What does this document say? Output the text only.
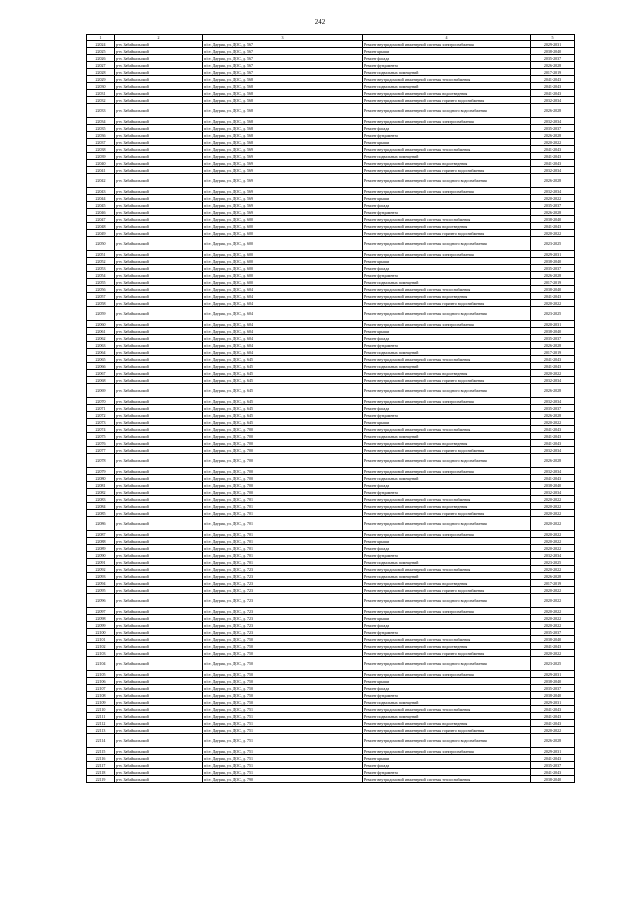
242
1	2	3	4	5
22024	р-н. Забайкальский	п/ст. Даурия, ул. ДОС, д. 567	Ремонт внутридомовой инженерной системы электроснабжения	2029-2031
22025	р-н. Забайкальский	п/ст. Даурия, ул. ДОС, д. 567	Ремонт крыши	2038-2040
22026	р-н. Забайкальский	п/ст. Даурия, ул. ДОС, д. 567	Ремонт фасада	2035-2037
22027	р-н. Забайкальский	п/ст. Даурия, ул. ДОС, д. 567	Ремонт фундамента	2026-2028
22028	р-н. Забайкальский	п/ст. Даурия, ул. ДОС, д. 567	Ремонт подвальных помещений	2017-2019
22029	р-н. Забайкальский	п/ст. Даурия, ул. ДОС, д. 568	Ремонт внутридомовой инженерной системы теплоснабжения	2041-2043
22030	р-н. Забайкальский	п/ст. Даурия, ул. ДОС, д. 568	Ремонт подвальных помещений	2041-2043
22031	р-н. Забайкальский	п/ст. Даурия, ул. ДОС, д. 568	Ремонт внутридомовой инженерной системы водоотведения	2041-2043
22032	р-н. Забайкальский	п/ст. Даурия, ул. ДОС, д. 568	Ремонт внутридомовой инженерной системы горячего водоснабжения	2032-2034
22033	р-н. Забайкальский	п/ст. Даурия, ул. ДОС, д. 568	Ремонт внутридомовой инженерной системы холодного водоснабжения	2026-2028
22034	р-н. Забайкальский	п/ст. Даурия, ул. ДОС, д. 568	Ремонт внутридомовой инженерной системы электроснабжения	2032-2034
22035	р-н. Забайкальский	п/ст. Даурия, ул. ДОС, д. 568	Ремонт фасада	2035-2037
22036	р-н. Забайкальский	п/ст. Даурия, ул. ДОС, д. 568	Ремонт фундамента	2026-2028
22037	р-н. Забайкальский	п/ст. Даурия, ул. ДОС, д. 568	Ремонт крыши	2020-2022
22038	р-н. Забайкальский	п/ст. Даурия, ул. ДОС, д. 569	Ремонт внутридомовой инженерной системы теплоснабжения	2041-2043
22039	р-н. Забайкальский	п/ст. Даурия, ул. ДОС, д. 569	Ремонт подвальных помещений	2041-2043
22040	р-н. Забайкальский	п/ст. Даурия, ул. ДОС, д. 569	Ремонт внутридомовой инженерной системы водоотведения	2041-2043
22041	р-н. Забайкальский	п/ст. Даурия, ул. ДОС, д. 569	Ремонт внутридомовой инженерной системы горячего водоснабжения	2032-2034
22042	р-н. Забайкальский	п/ст. Даурия, ул. ДОС, д. 569	Ремонт внутридомовой инженерной системы холодного водоснабжения	2026-2028
22043	р-н. Забайкальский	п/ст. Даурия, ул. ДОС, д. 569	Ремонт внутридомовой инженерной системы электроснабжения	2032-2034
22044	р-н. Забайкальский	п/ст. Даурия, ул. ДОС, д. 569	Ремонт крыши	2020-2022
22045	р-н. Забайкальский	п/ст. Даурия, ул. ДОС, д. 569	Ремонт фасада	2035-2037
22046	р-н. Забайкальский	п/ст. Даурия, ул. ДОС, д. 569	Ремонт фундамента	2026-2028
22047	р-н. Забайкальский	п/ст. Даурия, ул. ДОС, д. 600	Ремонт внутридомовой инженерной системы теплоснабжения	2038-2040
22048	р-н. Забайкальский	п/ст. Даурия, ул. ДОС, д. 600	Ремонт внутридомовой инженерной системы водоотведения	2041-2043
22049	р-н. Забайкальский	п/ст. Даурия, ул. ДОС, д. 600	Ремонт внутридомовой инженерной системы горячего водоснабжения	2020-2022
22050	р-н. Забайкальский	п/ст. Даурия, ул. ДОС, д. 600	Ремонт внутридомовой инженерной системы холодного водоснабжения	2023-2025
22051	р-н. Забайкальский	п/ст. Даурия, ул. ДОС, д. 600	Ремонт внутридомовой инженерной системы электроснабжения	2029-2031
22052	р-н. Забайкальский	п/ст. Даурия, ул. ДОС, д. 600	Ремонт крыши	2038-2040
22053	р-н. Забайкальский	п/ст. Даурия, ул. ДОС, д. 600	Ремонт фасада	2035-2037
22054	р-н. Забайкальский	п/ст. Даурия, ул. ДОС, д. 600	Ремонт фундамента	2026-2028
22055	р-н. Забайкальский	п/ст. Даурия, ул. ДОС, д. 600	Ремонт подвальных помещений	2017-2019
22056	р-н. Забайкальский	п/ст. Даурия, ул. ДОС, д. 604	Ремонт внутридомовой инженерной системы теплоснабжения	2038-2040
22057	р-н. Забайкальский	п/ст. Даурия, ул. ДОС, д. 604	Ремонт внутридомовой инженерной системы водоотведения	2041-2043
22058	р-н. Забайкальский	п/ст. Даурия, ул. ДОС, д. 604	Ремонт внутридомовой инженерной системы горячего водоснабжения	2020-2022
22059	р-н. Забайкальский	п/ст. Даурия, ул. ДОС, д. 604	Ремонт внутридомовой инженерной системы холодного водоснабжения	2023-2025
22060	р-н. Забайкальский	п/ст. Даурия, ул. ДОС, д. 604	Ремонт внутридомовой инженерной системы электроснабжения	2020-2031
22061	р-н. Забайкальский	п/ст. Даурия, ул. ДОС, д. 604	Ремонт крыши	2038-2040
22062	р-н. Забайкальский	п/ст. Даурия, ул. ДОС, д. 604	Ремонт фасада	2035-2037
22063	р-н. Забайкальский	п/ст. Даурия, ул. ДОС, д. 604	Ремонт фундамента	2026-2028
22064	р-н. Забайкальский	п/ст. Даурия, ул. ДОС, д. 604	Ремонт подвальных помещений	2017-2019
22065	р-н. Забайкальский	п/ст. Даурия, ул. ДОС, д. 645	Ремонт внутридомовой инженерной системы теплоснабжения	2041-2043
22066	р-н. Забайкальский	п/ст. Даурия, ул. ДОС, д. 645	Ремонт подвальных помещений	2041-2043
22067	р-н. Забайкальский	п/ст. Даурия, ул. ДОС, д. 645	Ремонт внутридомовой инженерной системы водоотведения	2020-2022
22068	р-н. Забайкальский	п/ст. Даурия, ул. ДОС, д. 645	Ремонт внутридомовой инженерной системы горячего водоснабжения	2032-2034
22069	р-н. Забайкальский	п/ст. Даурия, ул. ДОС, д. 645	Ремонт внутридомовой инженерной системы холодного водоснабжения	2026-2028
22070	р-н. Забайкальский	п/ст. Даурия, ул. ДОС, д. 645	Ремонт внутридомовой инженерной системы электроснабжения	2032-2034
22071	р-н. Забайкальский	п/ст. Даурия, ул. ДОС, д. 645	Ремонт фасада	2035-2037
22072	р-н. Забайкальский	п/ст. Даурия, ул. ДОС, д. 645	Ремонт фундамента	2026-2028
22073	р-н. Забайкальский	п/ст. Даурия, ул. ДОС, д. 645	Ремонт крыши	2020-2022
22074	р-н. Забайкальский	п/ст. Даурия, ул. ДОС, д. 700	Ремонт внутридомовой инженерной системы теплоснабжения	2041-2043
22075	р-н. Забайкальский	п/ст. Даурия, ул. ДОС, д. 700	Ремонт подвальных помещений	2041-2043
22076	р-н. Забайкальский	п/ст. Даурия, ул. ДОС, д. 700	Ремонт внутридомовой инженерной системы водоотведения	2041-2043
22077	р-н. Забайкальский	п/ст. Даурия, ул. ДОС, д. 700	Ремонт внутридомовой инженерной системы горячего водоснабжения	2032-2034
22078	р-н. Забайкальский	п/ст. Даурия, ул. ДОС, д. 700	Ремонт внутридомовой инженерной системы холодного водоснабжения	2026-2028
22079	р-н. Забайкальский	п/ст. Даурия, ул. ДОС, д. 700	Ремонт внутридомовой инженерной системы электроснабжения	2032-2034
22080	р-н. Забайкальский	п/ст. Даурия, ул. ДОС, д. 700	Ремонт подвальных помещений	2041-2043
22081	р-н. Забайкальский	п/ст. Даурия, ул. ДОС, д. 700	Ремонт фасада	2038-2040
22082	р-н. Забайкальский	п/ст. Даурия, ул. ДОС, д. 700	Ремонт фундамента	2032-2034
22083	р-н. Забайкальский	п/ст. Даурия, ул. ДОС, д. 701	Ремонт внутридомовой инженерной системы теплоснабжения	2020-2022
22084	р-н. Забайкальский	п/ст. Даурия, ул. ДОС, д. 701	Ремонт внутридомовой инженерной системы водоотведения	2020-2022
22085	р-н. Забайкальский	п/ст. Даурия, ул. ДОС, д. 701	Ремонт внутридомовой инженерной системы горячего водоснабжения	2020-2022
22086	р-н. Забайкальский	п/ст. Даурия, ул. ДОС, д. 701	Ремонт внутридомовой инженерной системы холодного водоснабжения	2020-2022
22087	р-н. Забайкальский	п/ст. Даурия, ул. ДОС, д. 701	Ремонт внутридомовой инженерной системы электроснабжения	2020-2022
22088	р-н. Забайкальский	п/ст. Даурия, ул. ДОС, д. 701	Ремонт крыши	2020-2022
22089	р-н. Забайкальский	п/ст. Даурия, ул. ДОС, д. 701	Ремонт фасада	2020-2022
22090	р-н. Забайкальский	п/ст. Даурия, ул. ДОС, д. 701	Ремонт фундамента	2032-2034
22091	р-н. Забайкальский	п/ст. Даурия, ул. ДОС, д. 701	Ремонт подвальных помещений	2023-2025
22092	р-н. Забайкальский	п/ст. Даурия, ул. ДОС, д. 723	Ремонт внутридомовой инженерной системы теплоснабжения	2020-2022
22093	р-н. Забайкальский	п/ст. Даурия, ул. ДОС, д. 723	Ремонт подвальных помещений	2026-2028
22094	р-н. Забайкальский	п/ст. Даурия, ул. ДОС, д. 723	Ремонт внутридомовой инженерной системы водоотведения	2017-2019
22095	р-н. Забайкальский	п/ст. Даурия, ул. ДОС, д. 723	Ремонт внутридомовой инженерной системы горячего водоснабжения	2020-2022
22096	р-н. Забайкальский	п/ст. Даурия, ул. ДОС, д. 723	Ремонт внутридомовой инженерной системы холодного водоснабжения	2020-2022
22097	р-н. Забайкальский	п/ст. Даурия, ул. ДОС, д. 723	Ремонт внутридомовой инженерной системы электроснабжения	2020-2022
22098	р-н. Забайкальский	п/ст. Даурия, ул. ДОС, д. 723	Ремонт крыши	2020-2022
22099	р-н. Забайкальский	п/ст. Даурия, ул. ДОС, д. 723	Ремонт фасада	2020-2022
22100	р-н. Забайкальский	п/ст. Даурия, ул. ДОС, д. 723	Ремонт фундамента	2035-2037
22101	р-н. Забайкальский	п/ст. Даурия, ул. ДОС, д. 750	Ремонт внутридомовой инженерной системы теплоснабжения	2038-2040
22102	р-н. Забайкальский	п/ст. Даурия, ул. ДОС, д. 750	Ремонт внутридомовой инженерной системы водоотведения	2041-2043
22103	р-н. Забайкальский	п/ст. Даурия, ул. ДОС, д. 750	Ремонт внутридомовой инженерной системы горячего водоснабжения	2020-2022
22104	р-н. Забайкальский	п/ст. Даурия, ул. ДОС, д. 750	Ремонт внутридомовой инженерной системы холодного водоснабжения	2023-2025
22105	р-н. Забайкальский	п/ст. Даурия, ул. ДОС, д. 750	Ремонт внутридомовой инженерной системы электроснабжения	2029-2031
22106	р-н. Забайкальский	п/ст. Даурия, ул. ДОС, д. 750	Ремонт крыши	2038-2040
22107	р-н. Забайкальский	п/ст. Даурия, ул. ДОС, д. 750	Ремонт фасада	2035-2037
22108	р-н. Забайкальский	п/ст. Даурия, ул. ДОС, д. 750	Ремонт фундамента	2038-2040
22109	р-н. Забайкальский	п/ст. Даурия, ул. ДОС, д. 750	Ремонт подвальных помещений	2029-2031
22110	р-н. Забайкальский	п/ст. Даурия, ул. ДОС, д. 751	Ремонт внутридомовой инженерной системы теплоснабжения	2041-2043
22111	р-н. Забайкальский	п/ст. Даурия, ул. ДОС, д. 751	Ремонт подвальных помещений	2041-2043
22112	р-н. Забайкальский	п/ст. Даурия, ул. ДОС, д. 751	Ремонт внутридомовой инженерной системы водоотведения	2041-2043
22113	р-н. Забайкальский	п/ст. Даурия, ул. ДОС, д. 751	Ремонт внутридомовой инженерной системы горячего водоснабжения	2020-2022
22114	р-н. Забайкальский	п/ст. Даурия, ул. ДОС, д. 751	Ремонт внутридомовой инженерной системы холодного водоснабжения	2026-2028
22115	р-н. Забайкальский	п/ст. Даурия, ул. ДОС, д. 751	Ремонт внутридомовой инженерной системы электроснабжения	2029-2031
22116	р-н. Забайкальский	п/ст. Даурия, ул. ДОС, д. 751	Ремонт крыши	2041-2043
22117	р-н. Забайкальский	п/ст. Даурия, ул. ДОС, д. 751	Ремонт фасада	2035-2037
22118	р-н. Забайкальский	п/ст. Даурия, ул. ДОС, д. 751	Ремонт фундамента	2041-2043
22119	р-н. Забайкальский	п/ст. Даурия, ул. ДОС, д. 790	Ремонт внутридомовой инженерной системы теплоснабжения	2038-2040
